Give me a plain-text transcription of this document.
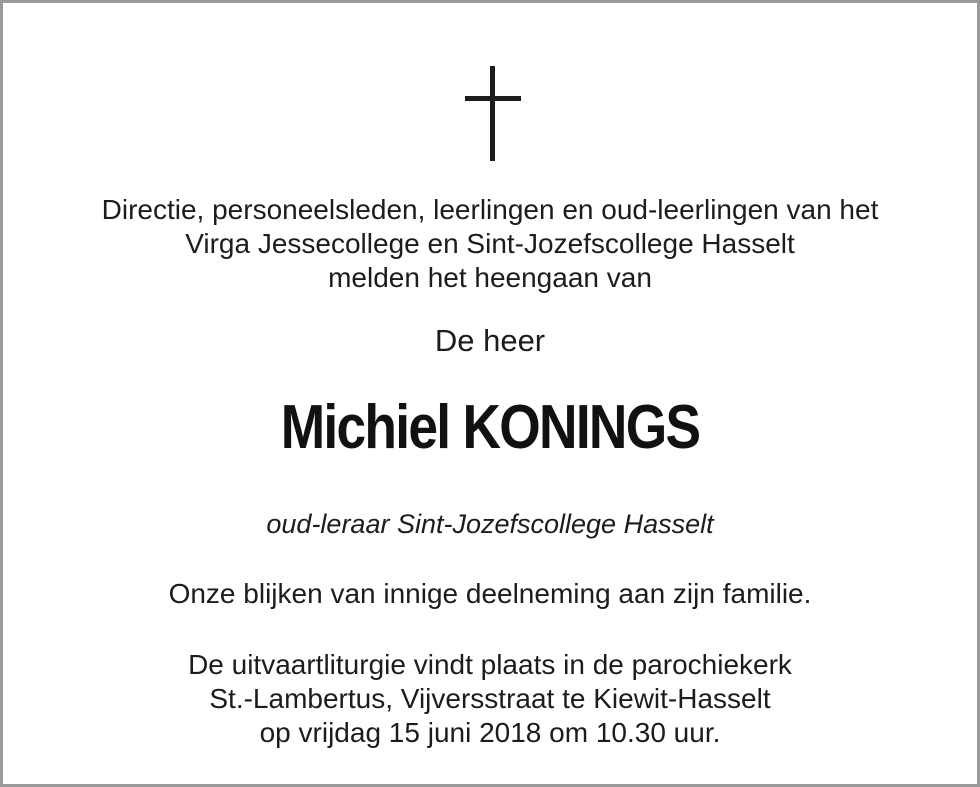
Directie, personeelsleden, leerlingen en oud-leerlingen van het
Virga Jessecollege en Sint-Jozefscollege Hasselt
melden het heengaan van
De heer
Michiel KONINGS
oud-leraar Sint-Jozefscollege Hasselt
Onze blijken van innige deelneming aan zijn familie.
De uitvaartliturgie vindt plaats in de parochiekerk
St.-Lambertus, Vijversstraat te Kiewit-Hasselt
op vrijdag 15 juni 2018 om 10.30 uur.
